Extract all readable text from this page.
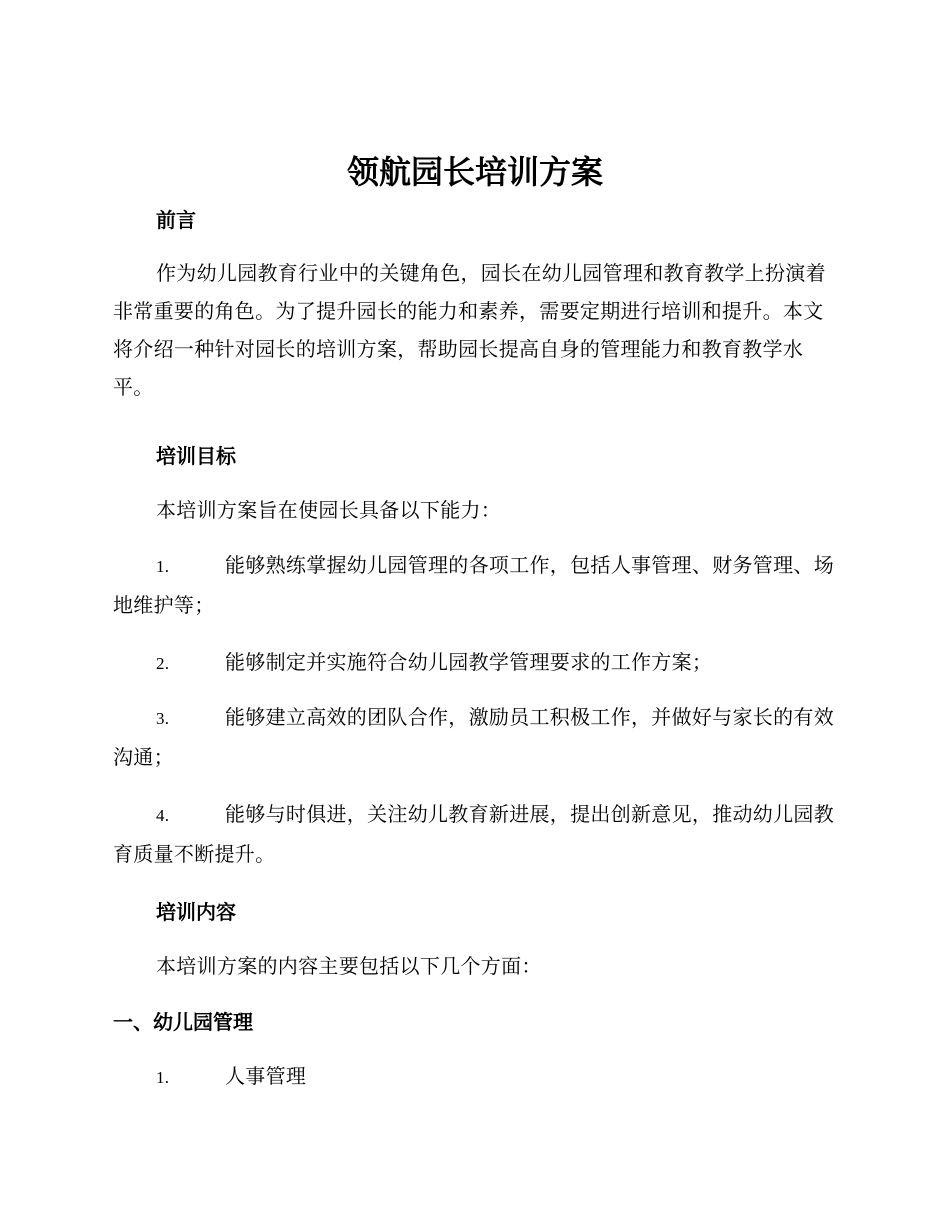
领航园长培训方案
前言

作为幼儿园教育行业中的关键角色，园长在幼儿园管理和教育教学上扮演着非常重要的角色。为了提升园长的能力和素养，需要定期进行培训和提升。本文将介绍一种针对园长的培训方案，帮助园长提高自身的管理能力和教育教学水平。

培训目标

本培训方案旨在使园长具备以下能力：

1.	能够熟练掌握幼儿园管理的各项工作，包括人事管理、财务管理、场地维护等；
2.	能够制定并实施符合幼儿园教学管理要求的工作方案；
3.	能够建立高效的团队合作，激励员工积极工作，并做好与家长的有效沟通；
4.	能够与时俱进，关注幼儿教育新进展，提出创新意见，推动幼儿园教育质量不断提升。
培训内容

本培训方案的内容主要包括以下几个方面：

一、幼儿园管理
1.	人事管理
